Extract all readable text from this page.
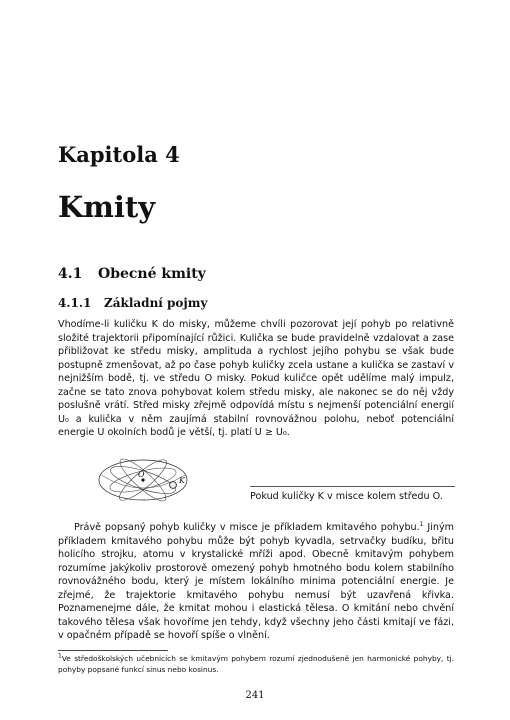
Kapitola 4
Kmity
4.1 Obecné kmity
4.1.1 Základní pojmy
Vhodíme-li kuličku K do misky, můžeme chvíli pozorovat její pohyb po relativně složité trajektorii připomínající růžici. Kulička se bude pravidelně vzdalovat a zase přibližovat ke středu misky, amplituda a rychlost jejího pohybu se však bude postupně zmenšovat, až po čase pohyb kuličky zcela ustane a kulička se zastaví v nejnižším bodě, tj. ve středu O misky. Pokud kuličce opět udělíme malý impulz, začne se tato znova pohybovat kolem středu misky, ale nakonec se do něj vždy poslušně vrátí. Střed misky zřejmě odpovídá místu s nejmenší potenciální energií U₀ a kulička v něm zaujímá stabilní rovnovážnou polohu, neboť potenciální energie U okolních bodů je větší, tj. platí U ≥ U₀.
O
K
Pokud kuličky K v misce kolem středu O.
Právě popsaný pohyb kuličky v misce je příkladem kmitavého pohybu.$^1$ Jiným příkladem kmitavého pohybu může být pohyb kyvadla, setrvačky budíku, břitu holicího strojku, atomu v krystalické mříži apod. Obecně kmitavým pohybem rozumíme jakýkoliv prostorově omezený pohyb hmotného bodu kolem stabilního rovnovážného bodu, který je místem lokálního minima potenciální energie. Je zřejmé, že trajektorie kmitavého pohybu nemusí být uzavřená křivka. Poznamenejme dále, že kmitat mohou i elastická tělesa. O kmitání nebo chvění takového tělesa však hovoříme jen tehdy, když všechny jeho části kmitají ve fázi, v opačném případě se hovoří spíše o vlnění.
$^1$Ve středoškolských učebnicích se kmitavým pohybem rozumí zjednodušeně jen harmonické pohyby, tj. pohyby popsané funkcí sinus nebo kosinus.
241
